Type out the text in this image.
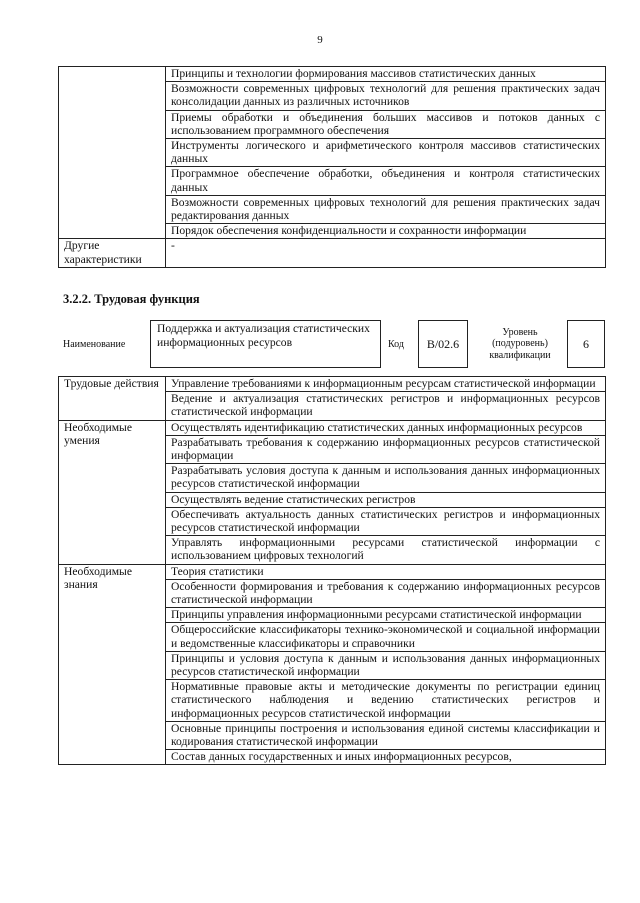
9
	Принципы и технологии формирования массивов статистических данных
	Возможности современных цифровых технологий для решения практических задач консолидации данных из различных источников
	Приемы обработки и объединения больших массивов и потоков данных с использованием программного обеспечения
	Инструменты логического и арифметического контроля массивов статистических данных
	Программное обеспечение обработки, объединения и контроля статистических данных
	Возможности современных цифровых технологий для решения практических задач редактирования данных
	Порядок обеспечения конфиденциальности и сохранности информации
Другие характеристики	-
3.2.2. Трудовая функция
Наименование
Поддержка и актуализация статистических информационных ресурсов	Код	B/02.6
Уровень
(подуровень)
квалификации
6
Трудовые действия	Управление требованиями к информационным ресурсам статистической информации
	Ведение и актуализация статистических регистров и информационных ресурсов статистической информации
Необходимые умения	Осуществлять идентификацию статистических данных информационных ресурсов
	Разрабатывать требования к содержанию информационных ресурсов статистической информации
	Разрабатывать условия доступа к данным и использования данных информационных ресурсов статистической информации
	Осуществлять ведение статистических регистров
	Обеспечивать актуальность данных статистических регистров и информационных ресурсов статистической информации
	Управлять информационными ресурсами статистической информации с использованием цифровых технологий
Необходимые знания	Теория статистики
	Особенности формирования и требования к содержанию информационных ресурсов статистической информации
	Принципы управления информационными ресурсами статистической информации
	Общероссийские классификаторы технико-экономической и социальной информации и ведомственные классификаторы и справочники
	Принципы и условия доступа к данным и использования данных информационных ресурсов статистической информации
	Нормативные правовые акты и методические документы по регистрации единиц статистического наблюдения и ведению статистических регистров и информационных ресурсов статистической информации
	Основные принципы построения и использования единой системы классификации и кодирования статистической информации
	Состав данных государственных и иных информационных ресурсов,
